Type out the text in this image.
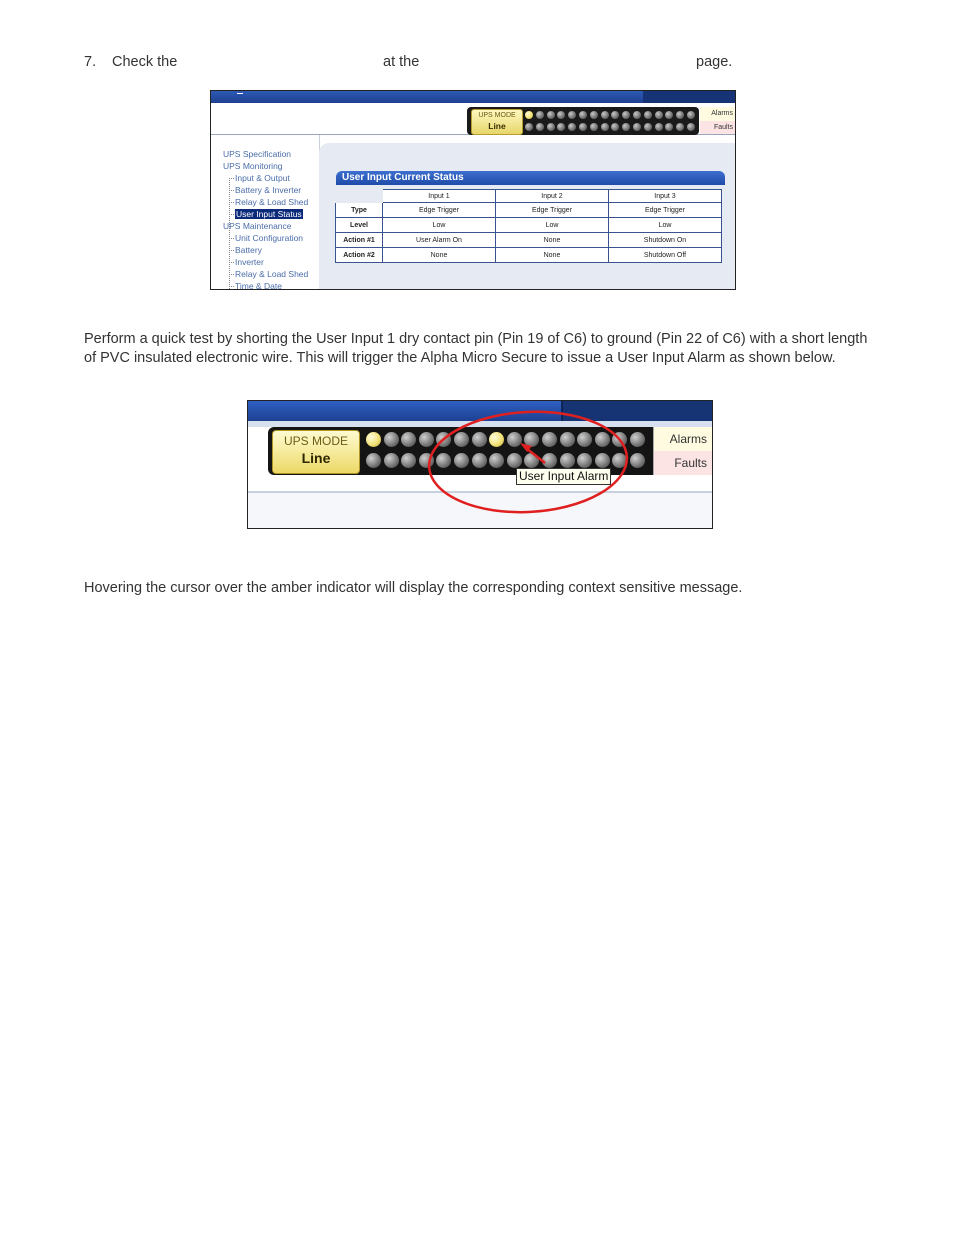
7. Check the	at the	page.
UPS MODE
Line
Alarms
Faults
UPS Specification
UPS Monitoring
Input & Output
Battery & Inverter
Relay & Load Shed
User Input Status
UPS Maintenance
Unit Configuration
Battery
Inverter
Relay & Load Shed
Time & Date
User Input Current Status
	Input 1	Input 2	Input 3
Type	Edge Trigger	Edge Trigger	Edge Trigger
Level	Low	Low	Low
Action #1	User Alarm On	None	Shutdown On
Action #2	None	None	Shutdown Off
Perform a quick test by shorting the User Input 1 dry contact pin (Pin 19 of C6) to ground (Pin 22 of C6) with a short length of PVC insulated electronic wire. This will trigger the Alpha Micro Secure to issue a User Input Alarm as shown below.
UPS MODE
Line
Alarms
Faults
User Input Alarm
Hovering the cursor over the amber indicator will display the corresponding context sensitive message.
